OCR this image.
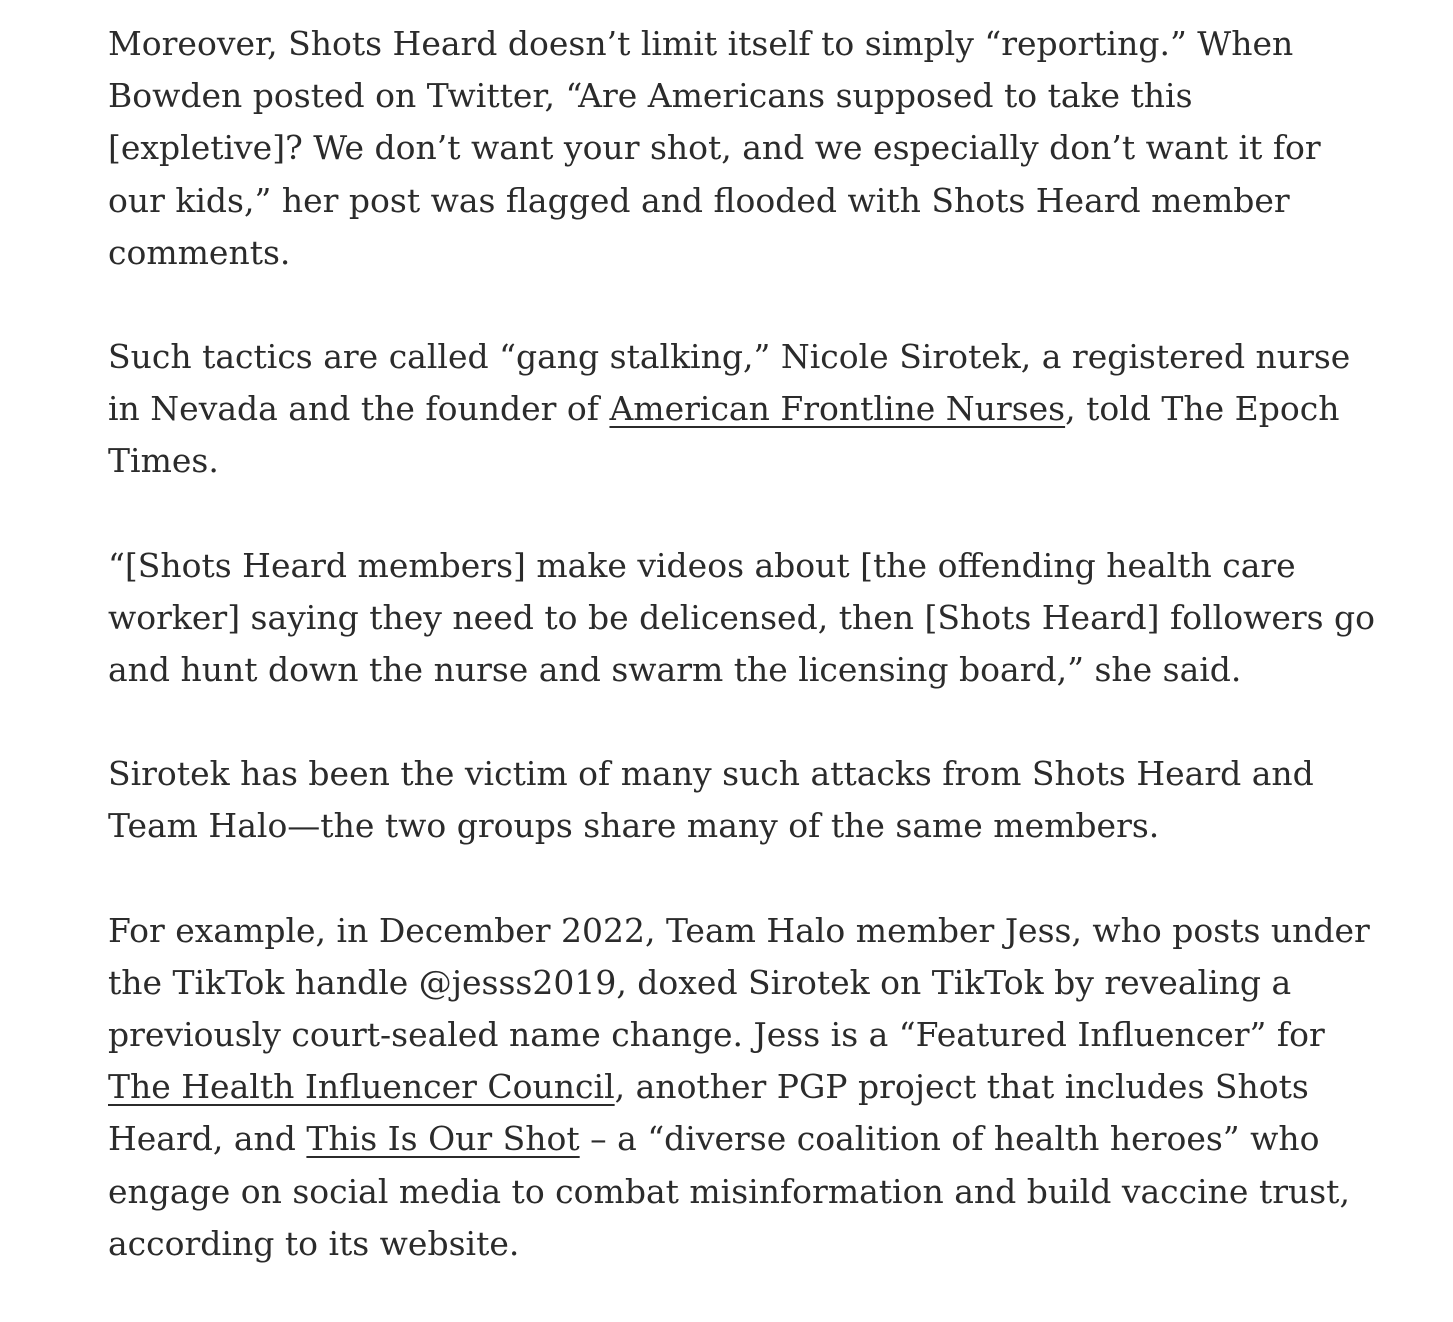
Moreover, Shots Heard doesn’t limit itself to simply “reporting.” When Bowden posted on Twitter, “Are Americans supposed to take this [expletive]? We don’t want your shot, and we especially don’t want it for our kids,” her post was flagged and flooded with Shots Heard member comments.

Such tactics are called “gang stalking,” Nicole Sirotek, a registered nurse in Nevada and the founder of American Frontline Nurses, told The Epoch Times.

“[Shots Heard members] make videos about [the offending health care worker] saying they need to be delicensed, then [Shots Heard] followers go and hunt down the nurse and swarm the licensing board,” she said.

Sirotek has been the victim of many such attacks from Shots Heard and Team Halo—the two groups share many of the same members.

For example, in December 2022, Team Halo member Jess, who posts under the TikTok handle @jesss2019, doxed Sirotek on TikTok by revealing a previously court-sealed name change. Jess is a “Featured Influencer” for The Health Influencer Council, another PGP project that includes Shots Heard, and This Is Our Shot – a “diverse coalition of health heroes” who engage on social media to combat misinformation and build vaccine trust, according to its website.
